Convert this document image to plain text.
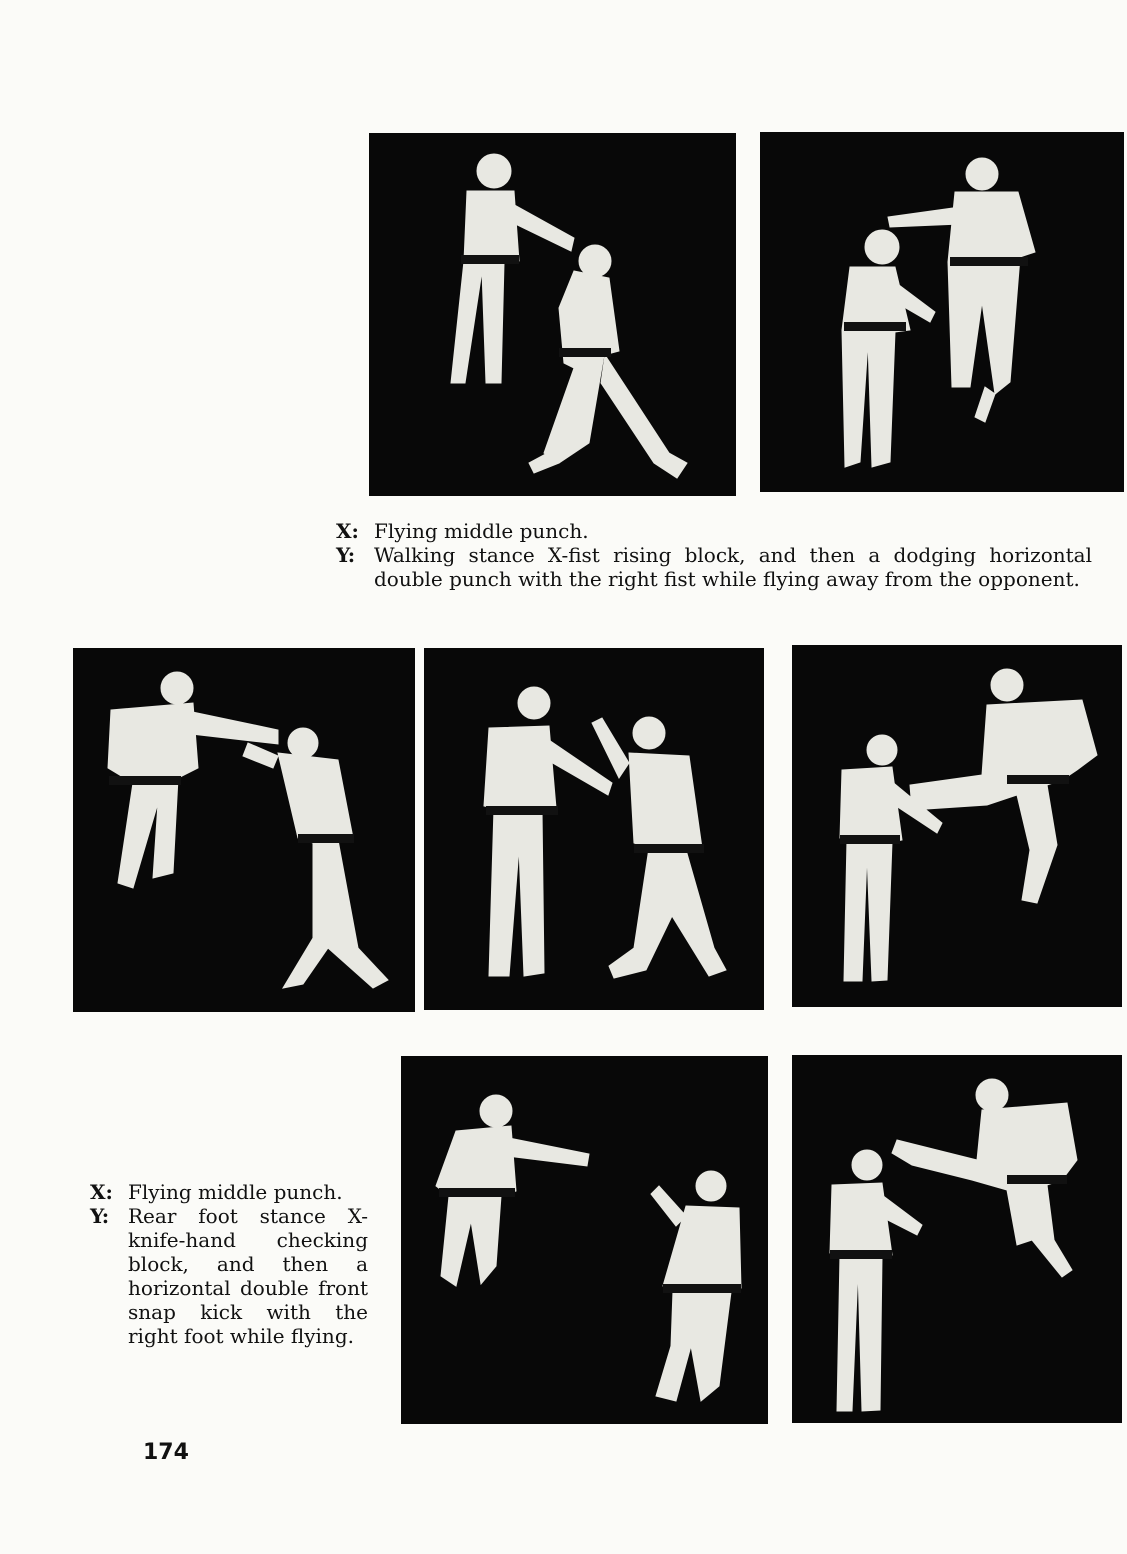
X: Flying middle punch.
Y: Walking stance X-fist rising block, and then a dodging horizontal double punch with the right fist while flying away from the opponent.
X: Flying middle punch.
Y: Rear foot stance X-knife-hand checking block, and then a horizontal double front snap kick with the right foot while flying.
174
